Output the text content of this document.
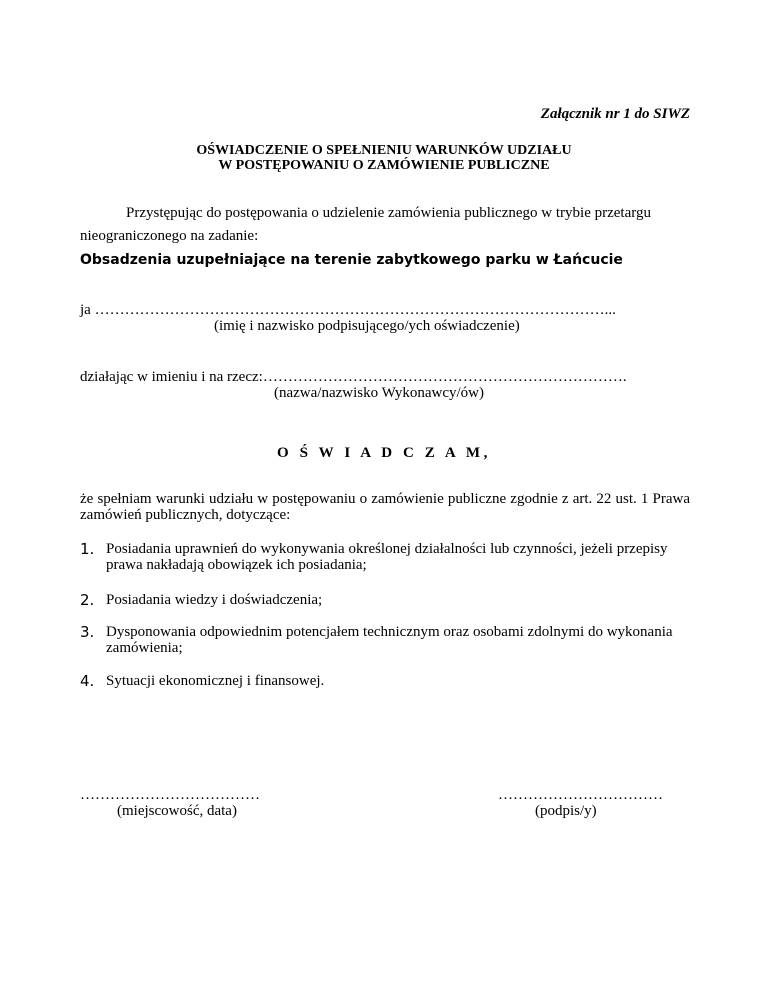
Załącznik nr 1 do SIWZ
OŚWIADCZENIE O SPEŁNIENIU WARUNKÓW UDZIAŁU
W POSTĘPOWANIU O ZAMÓWIENIE PUBLICZNE
Przystępując do postępowania o udzielenie zamówienia publicznego w trybie przetargu
nieograniczonego na zadanie:
Obsadzenia uzupełniające na terenie zabytkowego parku w Łańcucie
ja …………………………………………………………………………………………...
(imię i nazwisko podpisującego/ych oświadczenie)
działając w imieniu i na rzecz:……………………………………………………………….
(nazwa/nazwisko Wykonawcy/ów)
O Ś W I A D C Z A M,
że spełniam warunki udziału w postępowaniu o zamówienie publiczne zgodnie z art. 22 ust. 1 Prawa zamówień publicznych, dotyczące:
1. Posiadania uprawnień do wykonywania określonej działalności lub czynności, jeżeli przepisy prawa nakładają obowiązek ich posiadania;
2. Posiadania wiedzy i doświadczenia;
3. Dysponowania odpowiednim potencjałem technicznym oraz osobami zdolnymi do wykonania zamówienia;
4. Sytuacji ekonomicznej i finansowej.
………………………………
(miejscowość, data)
……………………………
(podpis/y)
